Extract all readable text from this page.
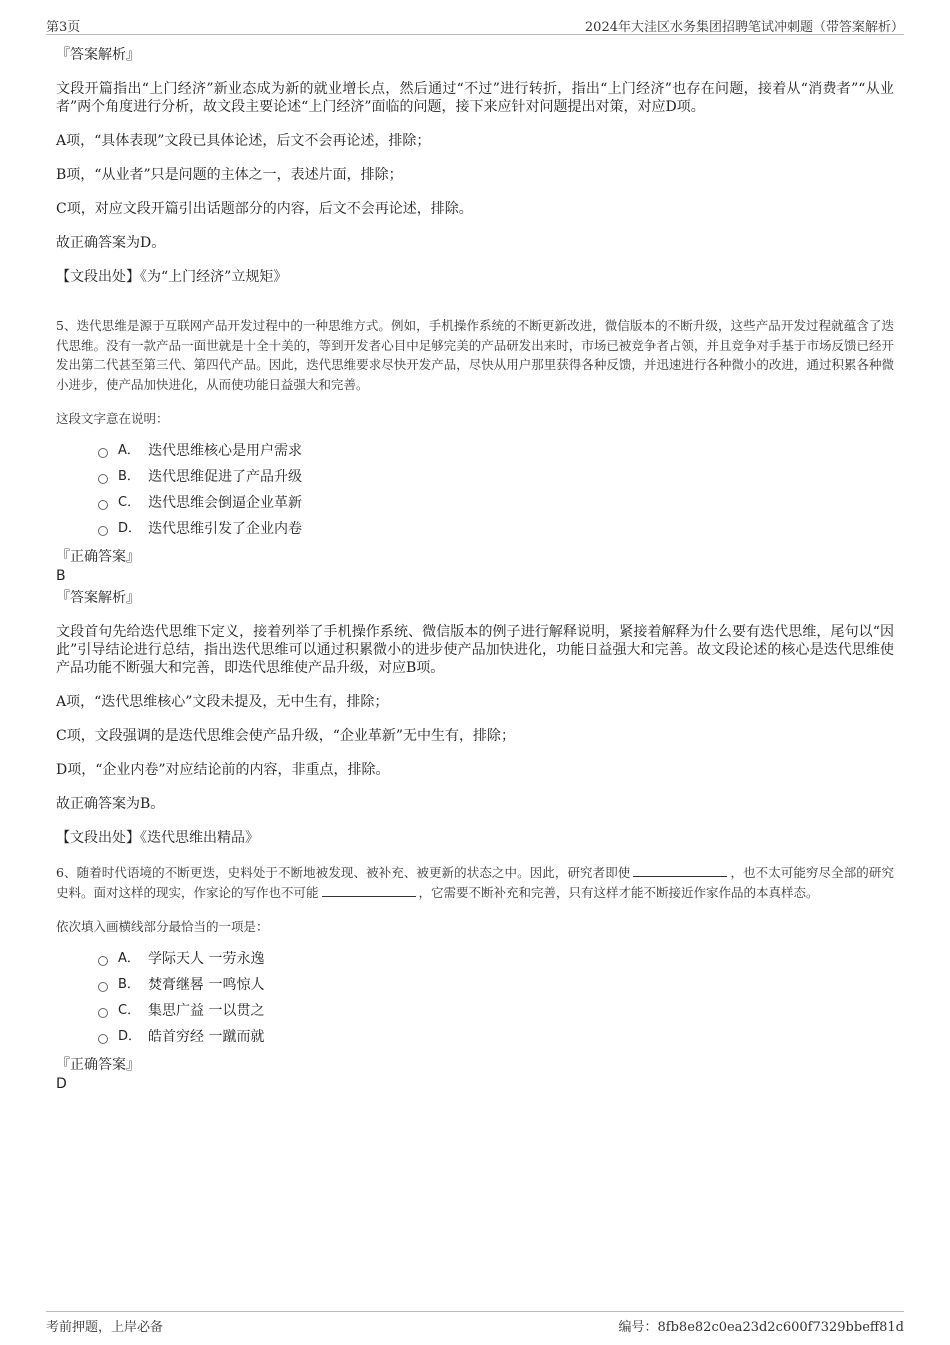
第3页	2024年大洼区水务集团招聘笔试冲刺题（带答案解析）

『答案解析』

文段开篇指出“上门经济”新业态成为新的就业增长点，然后通过“不过”进行转折，指出“上门经济”也存在问题，接着从“消费者”“从业者”两个角度进行分析，故文段主要论述“上门经济”面临的问题，接下来应针对问题提出对策，对应D项。

A项，“具体表现”文段已具体论述，后文不会再论述，排除；

B项，“从业者”只是问题的主体之一，表述片面，排除；

C项，对应文段开篇引出话题部分的内容，后文不会再论述，排除。

故正确答案为D。

【文段出处】《为“上门经济”立规矩》

5、迭代思维是源于互联网产品开发过程中的一种思维方式。例如，手机操作系统的不断更新改进，微信版本的不断升级，这些产品开发过程就蕴含了迭代思维。没有一款产品一面世就是十全十美的，等到开发者心目中足够完美的产品研发出来时，市场已被竞争者占领，并且竞争对手基于市场反馈已经开发出第二代甚至第三代、第四代产品。因此，迭代思维要求尽快开发产品，尽快从用户那里获得各种反馈，并迅速进行各种微小的改进，通过积累各种微小进步，使产品加快进化，从而使功能日益强大和完善。

这段文字意在说明：

A． 迭代思维核心是用户需求
B． 迭代思维促进了产品升级
C． 迭代思维会倒逼企业革新
D． 迭代思维引发了企业内卷

『正确答案』

B

『答案解析』

文段首句先给迭代思维下定义，接着列举了手机操作系统、微信版本的例子进行解释说明，紧接着解释为什么要有迭代思维，尾句以“因此”引导结论进行总结，指出迭代思维可以通过积累微小的进步使产品加快进化，功能日益强大和完善。故文段论述的核心是迭代思维使产品功能不断强大和完善，即迭代思维使产品升级，对应B项。

A项，“迭代思维核心”文段未提及，无中生有，排除；

C项，文段强调的是迭代思维会使产品升级，“企业革新”无中生有，排除；

D项，“企业内卷”对应结论前的内容，非重点，排除。

故正确答案为B。

【文段出处】《迭代思维出精品》

6、随着时代语境的不断更迭，史料处于不断地被发现、被补充、被更新的状态之中。因此，研究者即使	，也不太可能穷尽全部的研究史料。面对这样的现实，作家论的写作也不可能	，它需要不断补充和完善，只有这样才能不断接近作家作品的本真样态。

依次填入画横线部分最恰当的一项是：

A． 学际天人 一劳永逸
B． 焚膏继晷 一鸣惊人
C． 集思广益 一以贯之
D． 皓首穷经 一蹴而就

『正确答案』

D

考前押题，上岸必备	编号：8fb8e82c0ea23d2c600f7329bbeff81d
